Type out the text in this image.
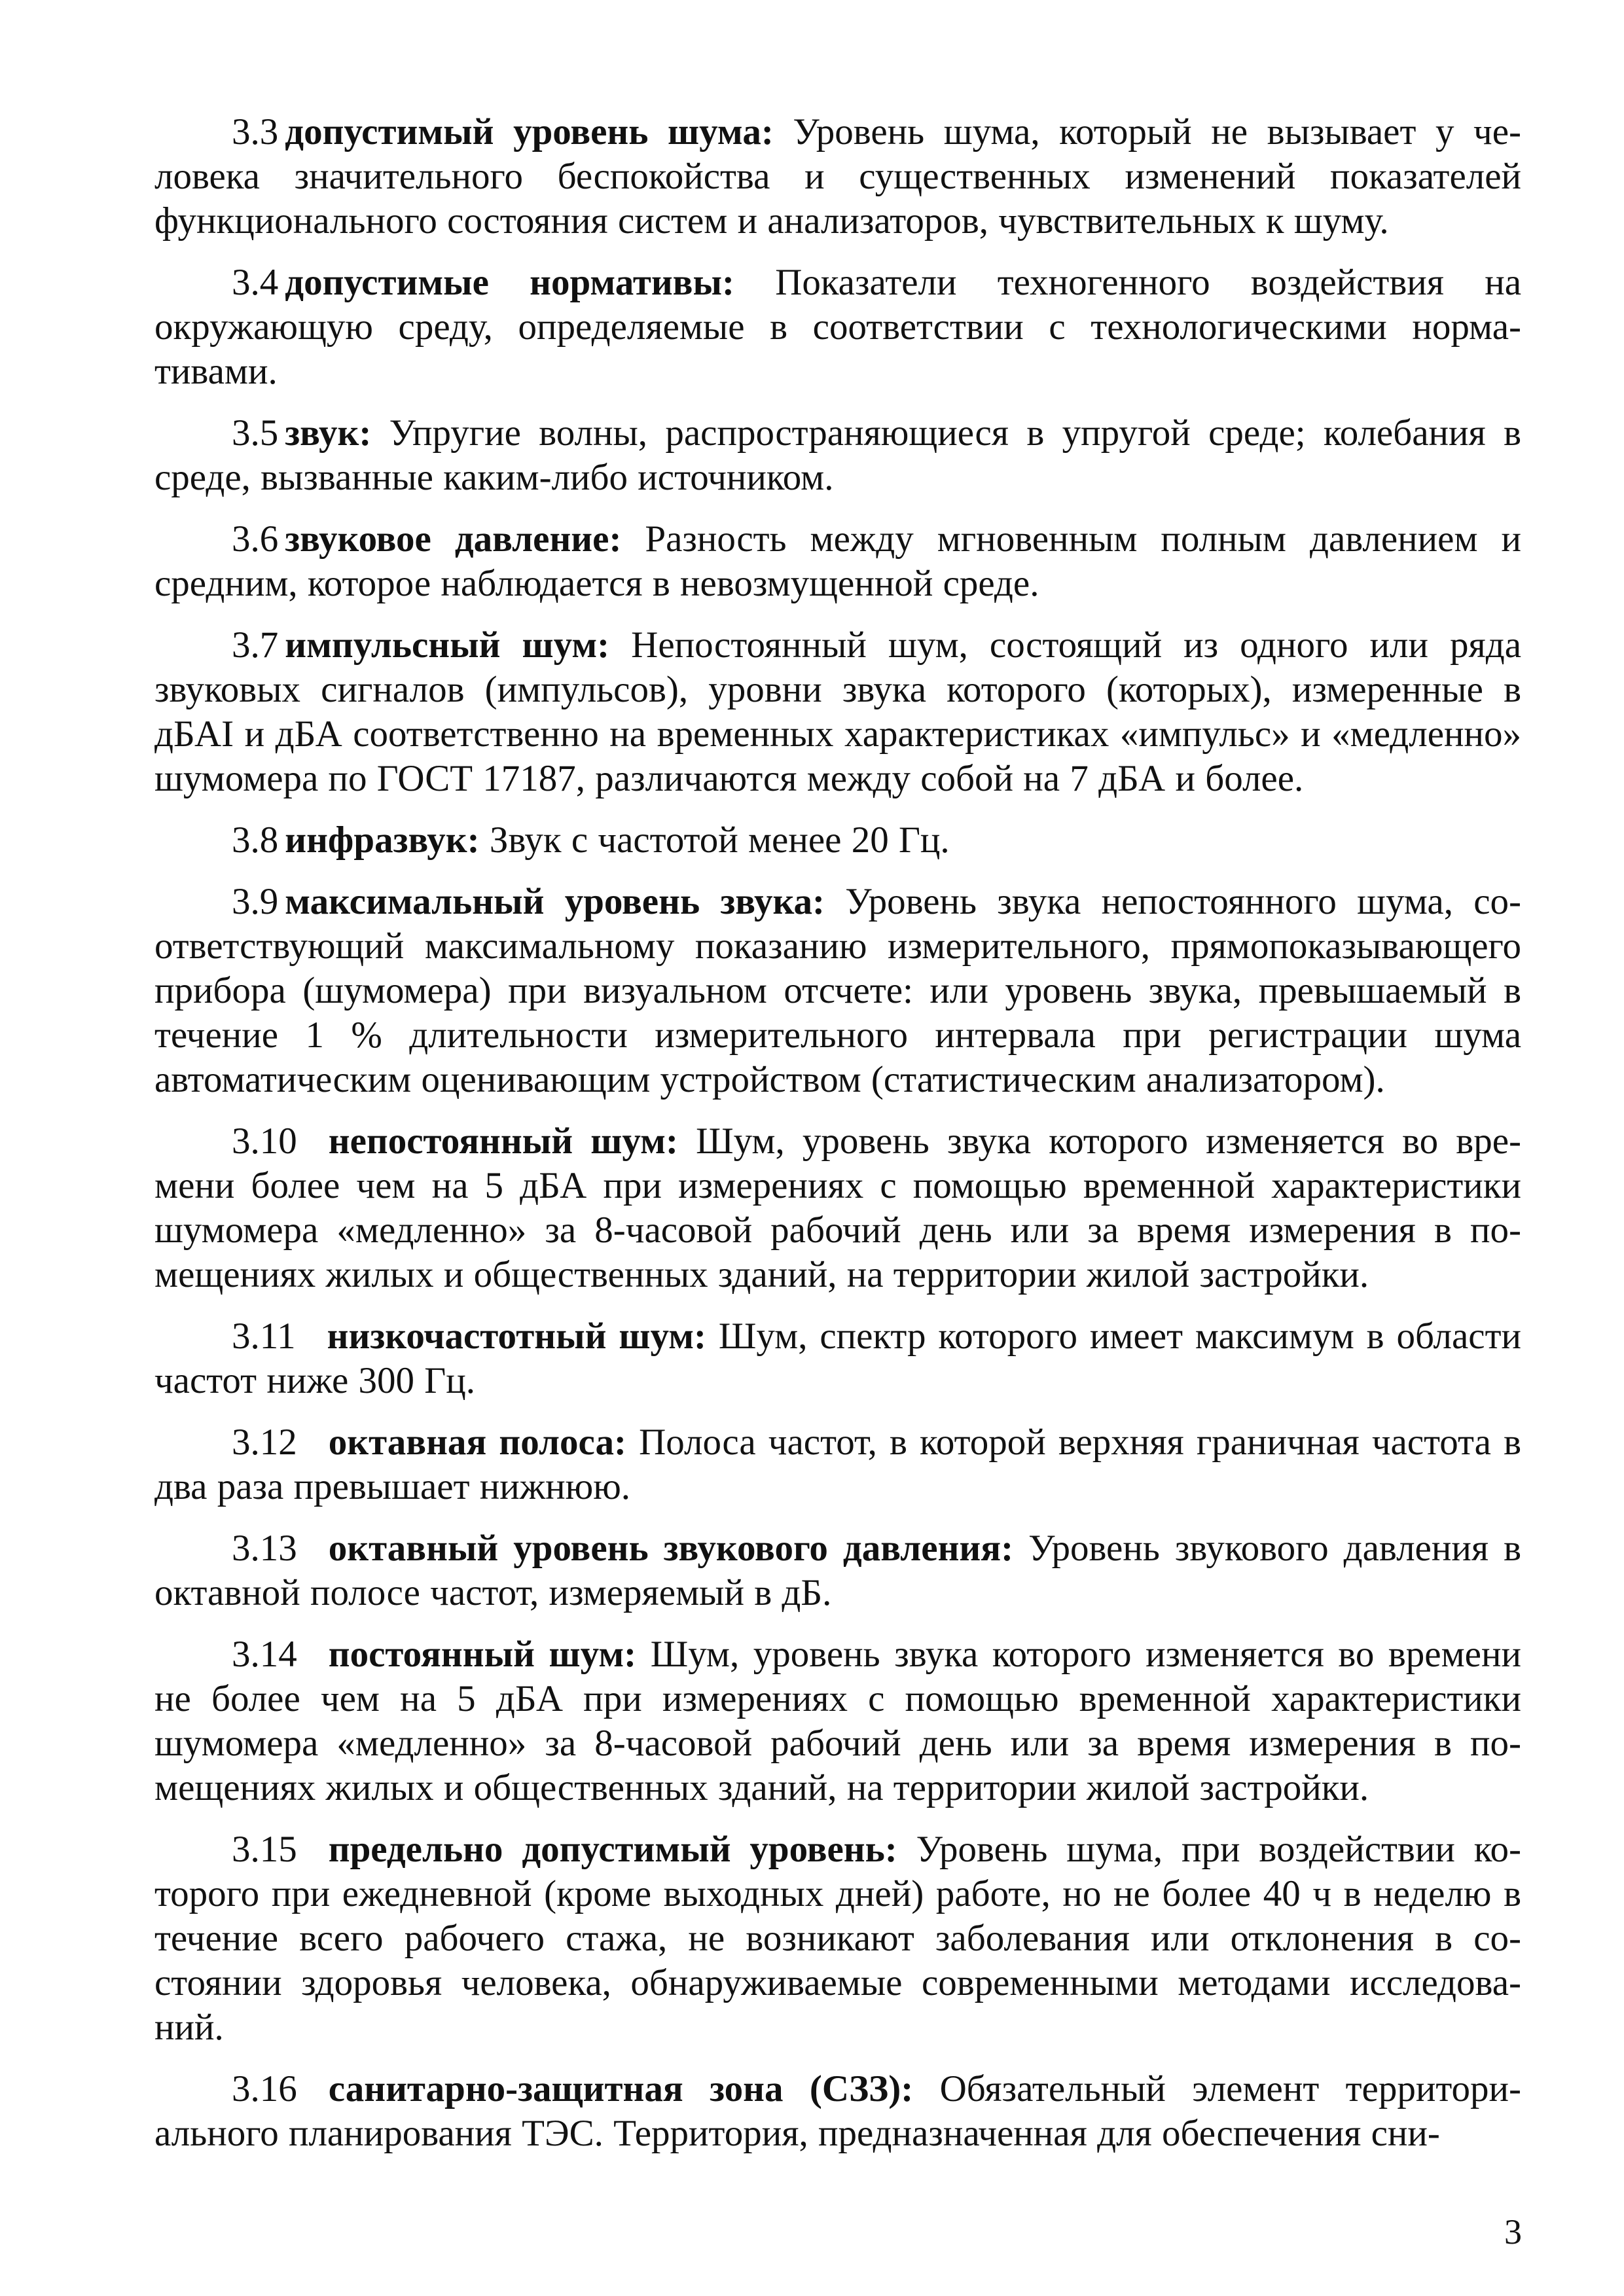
3.3 допустимый уровень шума: Уровень шума, который не вызывает у человека значительного беспокойства и существенных изменений показателей функционального состояния систем и анализаторов, чувствительных к шуму.

3.4 допустимые нормативы: Показатели техногенного воздействия на окружающую среду, определяемые в соответствии с технологическими нормативами.

3.5 звук: Упругие волны, распространяющиеся в упругой среде; колебания в среде, вызванные каким-либо источником.

3.6 звуковое давление: Разность между мгновенным полным давлением и средним, которое наблюдается в невозмущенной среде.

3.7 импульсный шум: Непостоянный шум, состоящий из одного или ряда звуковых сигналов (импульсов), уровни звука которого (которых), измеренные в дБАI и дБА соответственно на временных характеристиках «импульс» и «медленно» шумомера по ГОСТ 17187, различаются между собой на 7 дБА и более.

3.8 инфразвук: Звук с частотой менее 20 Гц.

3.9 максимальный уровень звука: Уровень звука непостоянного шума, соответствующий максимальному показанию измерительного, прямопоказывающего прибора (шумомера) при визуальном отсчете: или уровень звука, превышаемый в течение 1 % длительности измерительного интервала при регистрации шума автоматическим оценивающим устройством (статистическим анализатором).

3.10 непостоянный шум: Шум, уровень звука которого изменяется во времени более чем на 5 дБА при измерениях с помощью временной характеристики шумомера «медленно» за 8-часовой рабочий день или за время измерения в помещениях жилых и общественных зданий, на территории жилой застройки.

3.11 низкочастотный шум: Шум, спектр которого имеет максимум в области частот ниже 300 Гц.

3.12 октавная полоса: Полоса частот, в которой верхняя граничная частота в два раза превышает нижнюю.

3.13 октавный уровень звукового давления: Уровень звукового давления в октавной полосе частот, измеряемый в дБ.

3.14 постоянный шум: Шум, уровень звука которого изменяется во времени не более чем на 5 дБА при измерениях с помощью временной характеристики шумомера «медленно» за 8-часовой рабочий день или за время измерения в помещениях жилых и общественных зданий, на территории жилой застройки.

3.15 предельно допустимый уровень: Уровень шума, при воздействии которого при ежедневной (кроме выходных дней) работе, но не более 40 ч в неделю в течение всего рабочего стажа, не возникают заболевания или отклонения в состоянии здоровья человека, обнаруживаемые современными методами исследований.

3.16 санитарно-защитная зона (СЗЗ): Обязательный элемент территориального планирования ТЭС. Территория, предназначенная для обеспечения сни-

3
